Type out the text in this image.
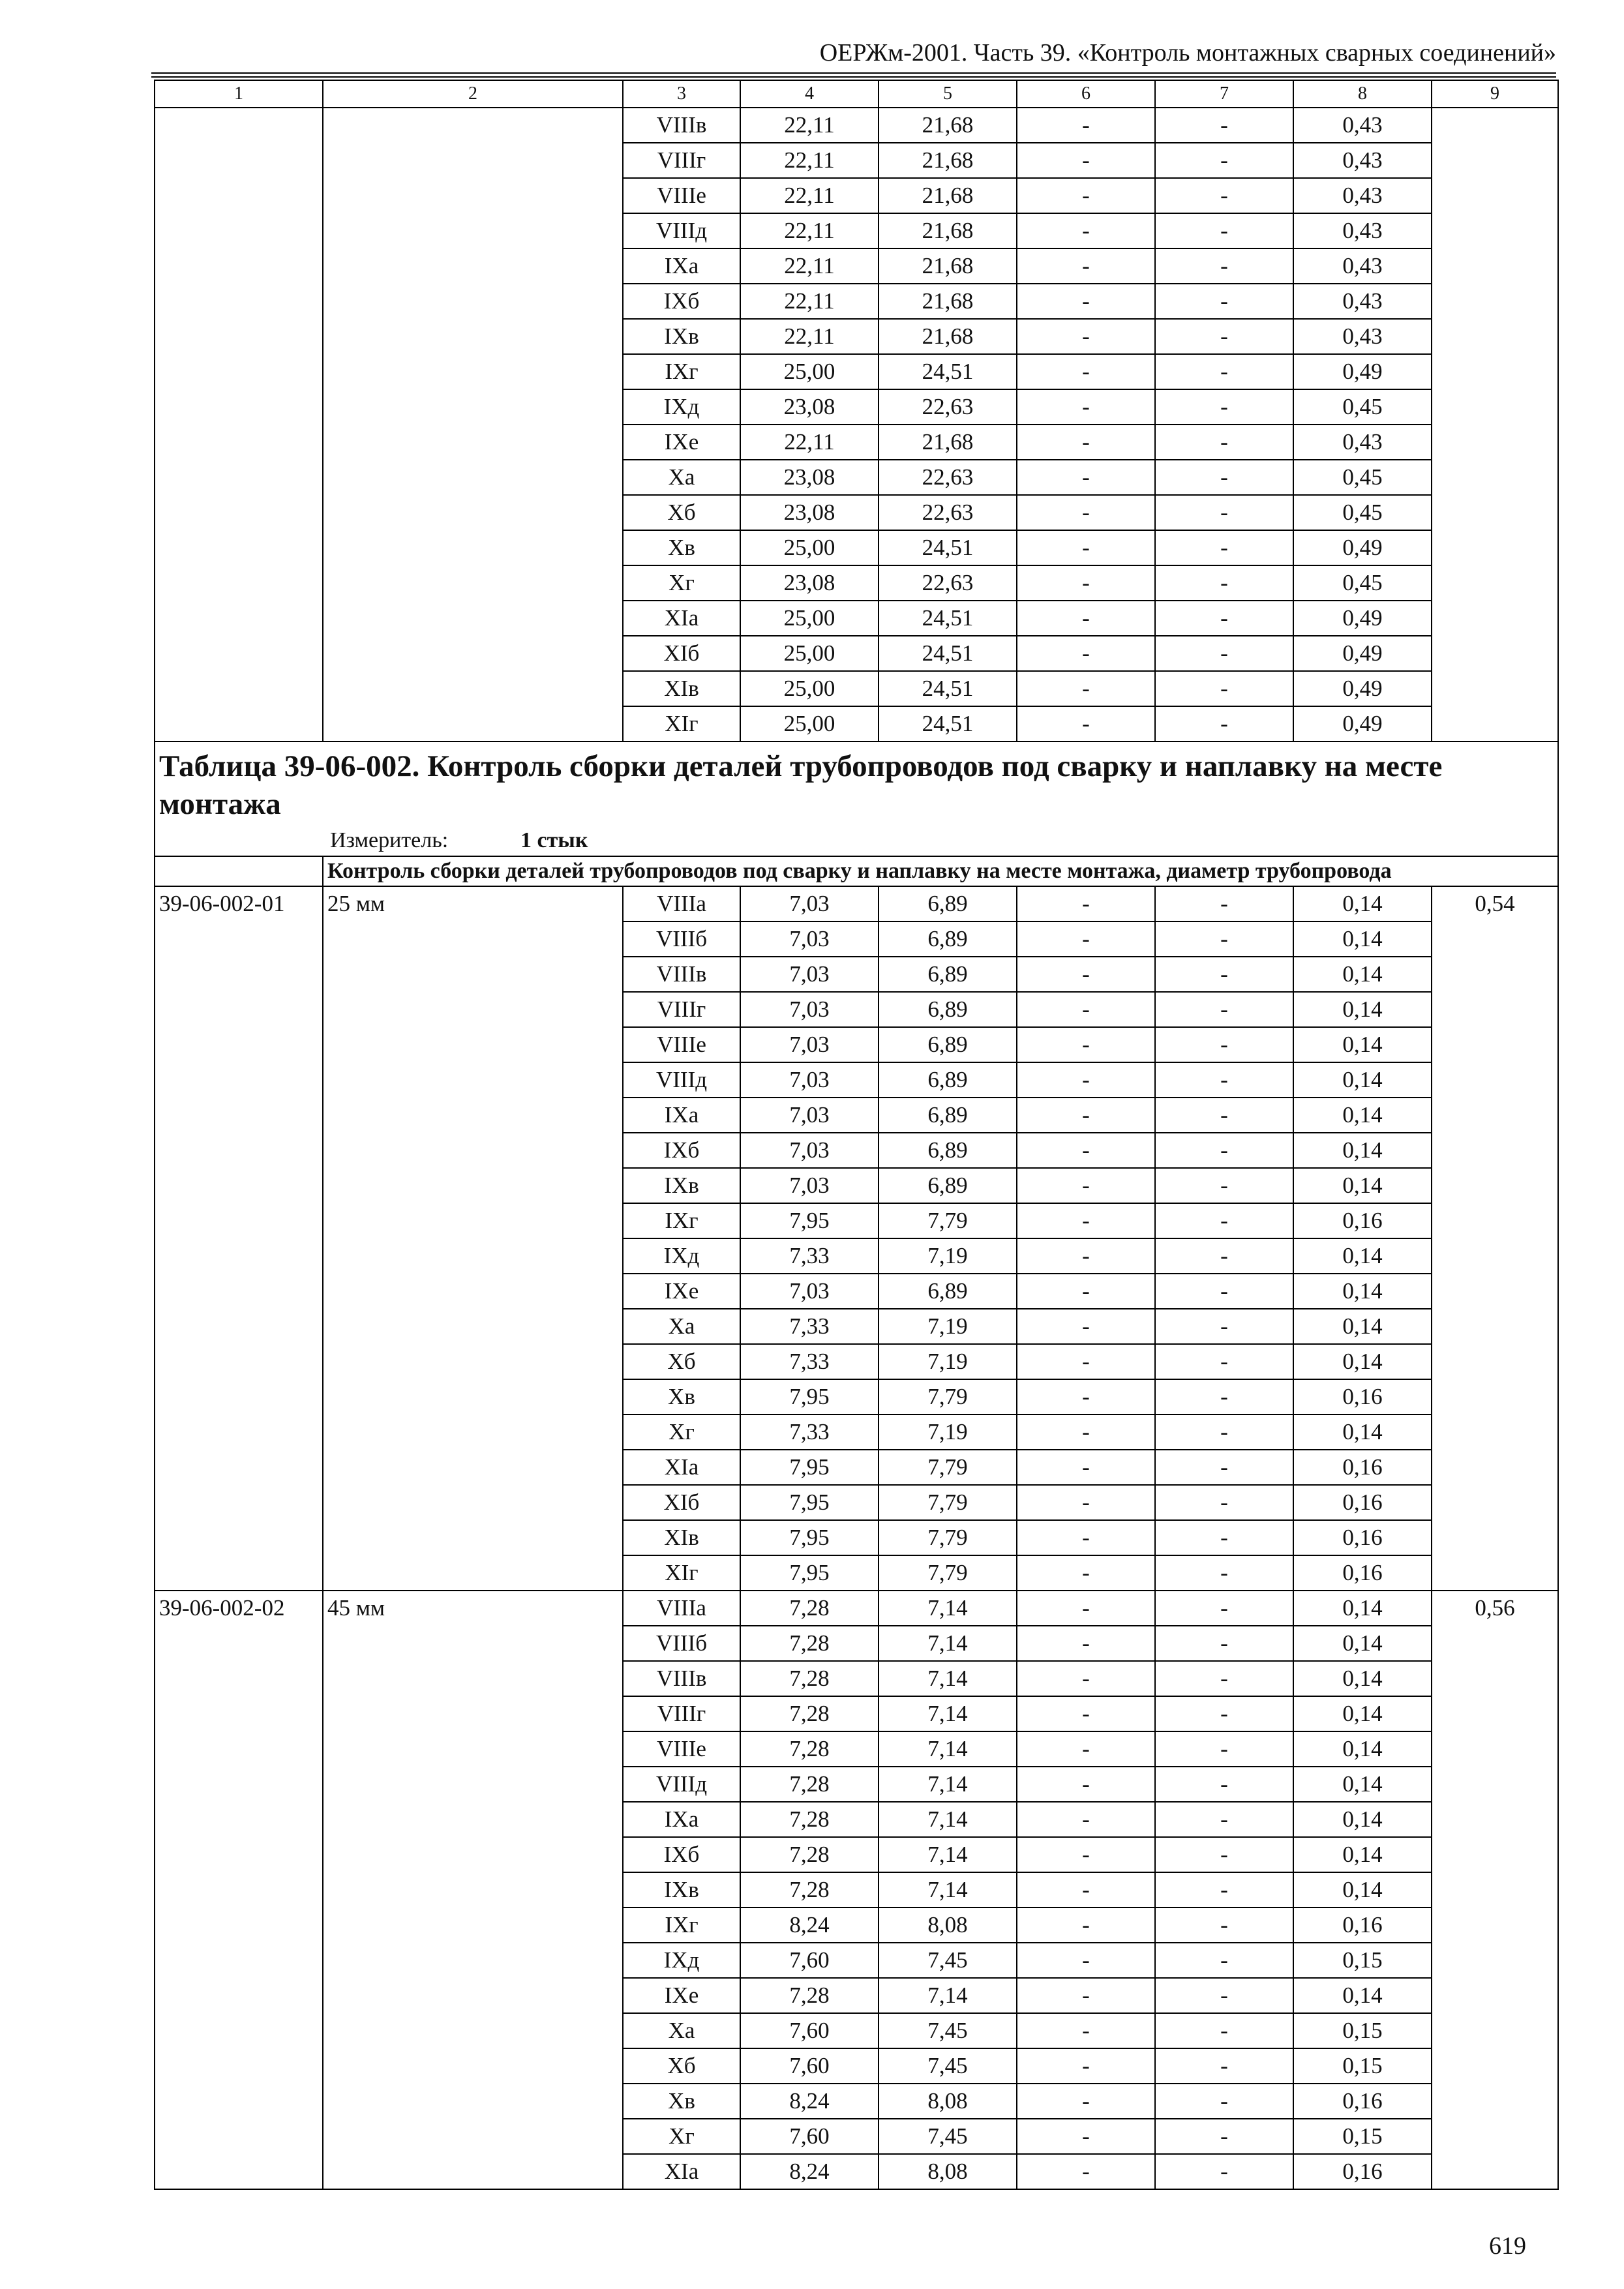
ОЕРЖм-2001. Часть 39. «Контроль монтажных сварных соединений»
1	2	3	4	5	6	7	8	9
		VIIIв	22,11	21,68	-	-	0,43	
		VIIIг	22,11	21,68	-	-	0,43	
		VIIIе	22,11	21,68	-	-	0,43	
		VIIIд	22,11	21,68	-	-	0,43	
		IXa	22,11	21,68	-	-	0,43	
		IXб	22,11	21,68	-	-	0,43	
		IXв	22,11	21,68	-	-	0,43	
		IXг	25,00	24,51	-	-	0,49	
		IXд	23,08	22,63	-	-	0,45	
		IXе	22,11	21,68	-	-	0,43	
		Xa	23,08	22,63	-	-	0,45	
		Xб	23,08	22,63	-	-	0,45	
		Xв	25,00	24,51	-	-	0,49	
		Xг	23,08	22,63	-	-	0,45	
		XIa	25,00	24,51	-	-	0,49	
		XIб	25,00	24,51	-	-	0,49	
		XIв	25,00	24,51	-	-	0,49	
		XIг	25,00	24,51	-	-	0,49	
Таблица 39-06-002. Контроль сборки деталей трубопроводов под сварку и наплавку на месте монтажа								
Измеритель: 1 стык								
	Контроль сборки деталей трубопроводов под сварку и наплавку на месте монтажа, диаметр трубопровода							
39-06-002-01	25 мм	VIIIa	7,03	6,89	-	-	0,14	0,54
		VIIIб	7,03	6,89	-	-	0,14	
		VIIIв	7,03	6,89	-	-	0,14	
		VIIIг	7,03	6,89	-	-	0,14	
		VIIIе	7,03	6,89	-	-	0,14	
		VIIIд	7,03	6,89	-	-	0,14	
		IXa	7,03	6,89	-	-	0,14	
		IXб	7,03	6,89	-	-	0,14	
		IXв	7,03	6,89	-	-	0,14	
		IXг	7,95	7,79	-	-	0,16	
		IXд	7,33	7,19	-	-	0,14	
		IXе	7,03	6,89	-	-	0,14	
		Xa	7,33	7,19	-	-	0,14	
		Xб	7,33	7,19	-	-	0,14	
		Xв	7,95	7,79	-	-	0,16	
		Xг	7,33	7,19	-	-	0,14	
		XIa	7,95	7,79	-	-	0,16	
		XIб	7,95	7,79	-	-	0,16	
		XIв	7,95	7,79	-	-	0,16	
		XIг	7,95	7,79	-	-	0,16	
39-06-002-02	45 мм	VIIIa	7,28	7,14	-	-	0,14	0,56
		VIIIб	7,28	7,14	-	-	0,14	
		VIIIв	7,28	7,14	-	-	0,14	
		VIIIг	7,28	7,14	-	-	0,14	
		VIIIе	7,28	7,14	-	-	0,14	
		VIIIд	7,28	7,14	-	-	0,14	
		IXa	7,28	7,14	-	-	0,14	
		IXб	7,28	7,14	-	-	0,14	
		IXв	7,28	7,14	-	-	0,14	
		IXг	8,24	8,08	-	-	0,16	
		IXд	7,60	7,45	-	-	0,15	
		IXе	7,28	7,14	-	-	0,14	
		Xa	7,60	7,45	-	-	0,15	
		Xб	7,60	7,45	-	-	0,15	
		Xв	8,24	8,08	-	-	0,16	
		Xг	7,60	7,45	-	-	0,15	
		XIa	8,24	8,08	-	-	0,16	
619
